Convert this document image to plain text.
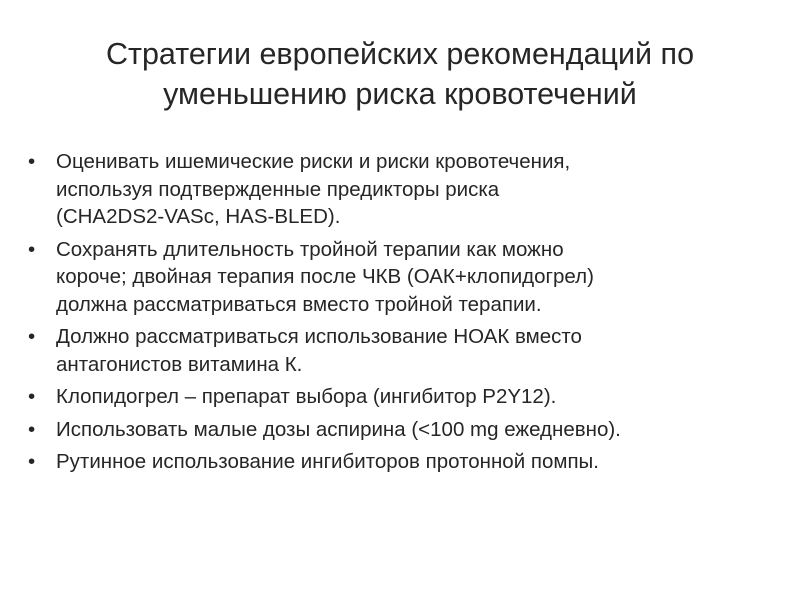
Стратегии европейских рекомендаций по
уменьшению риска кровотечений
•	Оценивать ишемические риски и риски кровотечения,
используя подтвержденные предикторы риска
(CHA2DS2-VASc, HAS-BLED).
•	Сохранять длительность тройной терапии как можно
короче; двойная терапия после ЧКВ (ОАК+клопидогрел)
должна рассматриваться вместо тройной терапии.
•	Должно рассматриваться использование НОАК вместо
антагонистов витамина К.
•	Клопидогрел – препарат выбора (ингибитор P2Y12).
•	Использовать малые дозы аспирина (<100 mg ежедневно).
•	Рутинное использование ингибиторов протонной помпы.
